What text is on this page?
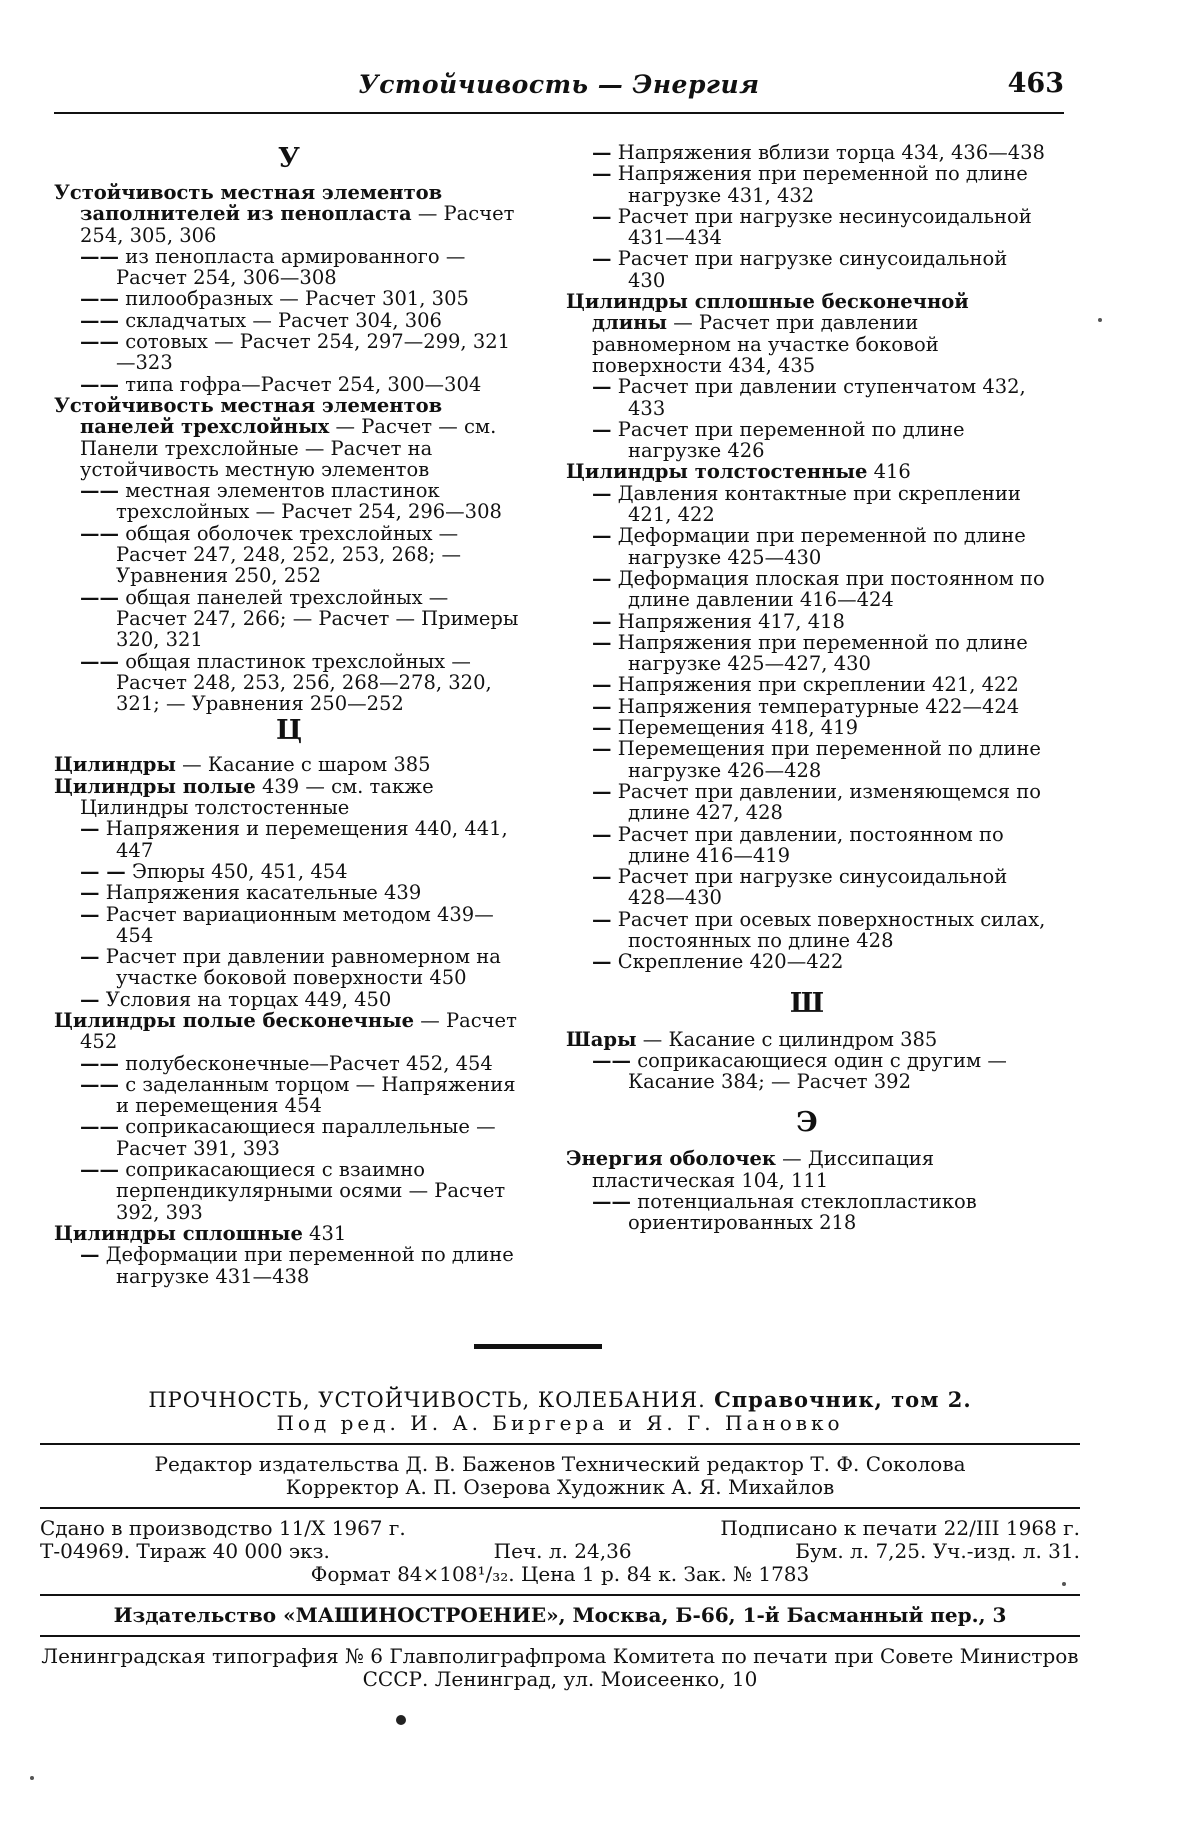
Устойчивость — Энергия	463
У

Устойчивость местная элементов заполнителей из пенопласта — Расчет 254, 305, 306

—— из пенопласта армированного — Расчет 254, 306—308

—— пилообразных — Расчет 301, 305

—— складчатых — Расчет 304, 306

—— сотовых — Расчет 254, 297—299, 321—323

—— типа гофра—Расчет 254, 300—304

Устойчивость местная элементов панелей трехслойных — Расчет — см. Панели трехслойные — Расчет на устойчивость местную элементов

—— местная элементов пластинок трехслойных — Расчет 254, 296—308

—— общая оболочек трехслойных — Расчет 247, 248, 252, 253, 268; — Уравнения 250, 252

—— общая панелей трехслойных — Расчет 247, 266; — Расчет — Примеры 320, 321

—— общая пластинок трехслойных — Расчет 248, 253, 256, 268—278, 320, 321; — Уравнения 250—252

Ц

Цилиндры — Касание с шаром 385

Цилиндры полые 439 — см. также Цилиндры толстостенные

— Напряжения и перемещения 440, 441, 447

— — Эпюры 450, 451, 454

— Напряжения касательные 439

— Расчет вариационным методом 439—454

— Расчет при давлении равномерном на участке боковой поверхности 450

— Условия на торцах 449, 450

Цилиндры полые бесконечные — Расчет 452

—— полубесконечные—Расчет 452, 454

—— с заделанным торцом — Напряжения и перемещения 454

—— соприкасающиеся параллельные — Расчет 391, 393

—— соприкасающиеся с взаимно перпендикулярными осями — Расчет 392, 393

Цилиндры сплошные 431

— Деформации при переменной по длине нагрузке 431—438

— Напряжения вблизи торца 434, 436—438

— Напряжения при переменной по длине нагрузке 431, 432

— Расчет при нагрузке несинусоидальной 431—434

— Расчет при нагрузке синусоидальной 430

Цилиндры сплошные бесконечной длины — Расчет при давлении равномерном на участке боковой поверхности 434, 435

— Расчет при давлении ступенчатом 432, 433

— Расчет при переменной по длине нагрузке 426

Цилиндры толстостенные 416

— Давления контактные при скреплении 421, 422

— Деформации при переменной по длине нагрузке 425—430

— Деформация плоская при постоянном по длине давлении 416—424

— Напряжения 417, 418

— Напряжения при переменной по длине нагрузке 425—427, 430

— Напряжения при скреплении 421, 422

— Напряжения температурные 422—424

— Перемещения 418, 419

— Перемещения при переменной по длине нагрузке 426—428

— Расчет при давлении, изменяющемся по длине 427, 428

— Расчет при давлении, постоянном по длине 416—419

— Расчет при нагрузке синусоидальной 428—430

— Расчет при осевых поверхностных силах, постоянных по длине 428

— Скрепление 420—422

Ш

Шары — Касание с цилиндром 385

—— соприкасающиеся один с другим — Касание 384; — Расчет 392

Э

Энергия оболочек — Диссипация пластическая 104, 111

—— потенциальная стеклопластиков ориентированных 218

ПРОЧНОСТЬ, УСТОЙЧИВОСТЬ, КОЛЕБАНИЯ. Справочник, том 2.
Под ред. И. А. Биргера и Я. Г. Пановко
Редактор издательства Д. В. Баженов Технический редактор Т. Ф. Соколова
Корректор А. П. Озерова Художник А. Я. Михайлов
Сдано в производство 11/X 1967 г.	Подписано к печати 22/III 1968 г.
Т-04969. Тираж 40 000 экз.	Печ. л. 24,36	Бум. л. 7,25. Уч.-изд. л. 31.
Формат 84×108¹/₃₂. Цена 1 р. 84 к. Зак. № 1783
Издательство «МАШИНОСТРОЕНИЕ», Москва, Б-66, 1-й Басманный пер., 3
Ленинградская типография № 6 Главполиграфпрома Комитета по печати при Совете Министров СССР. Ленинград, ул. Моисеенко, 10
